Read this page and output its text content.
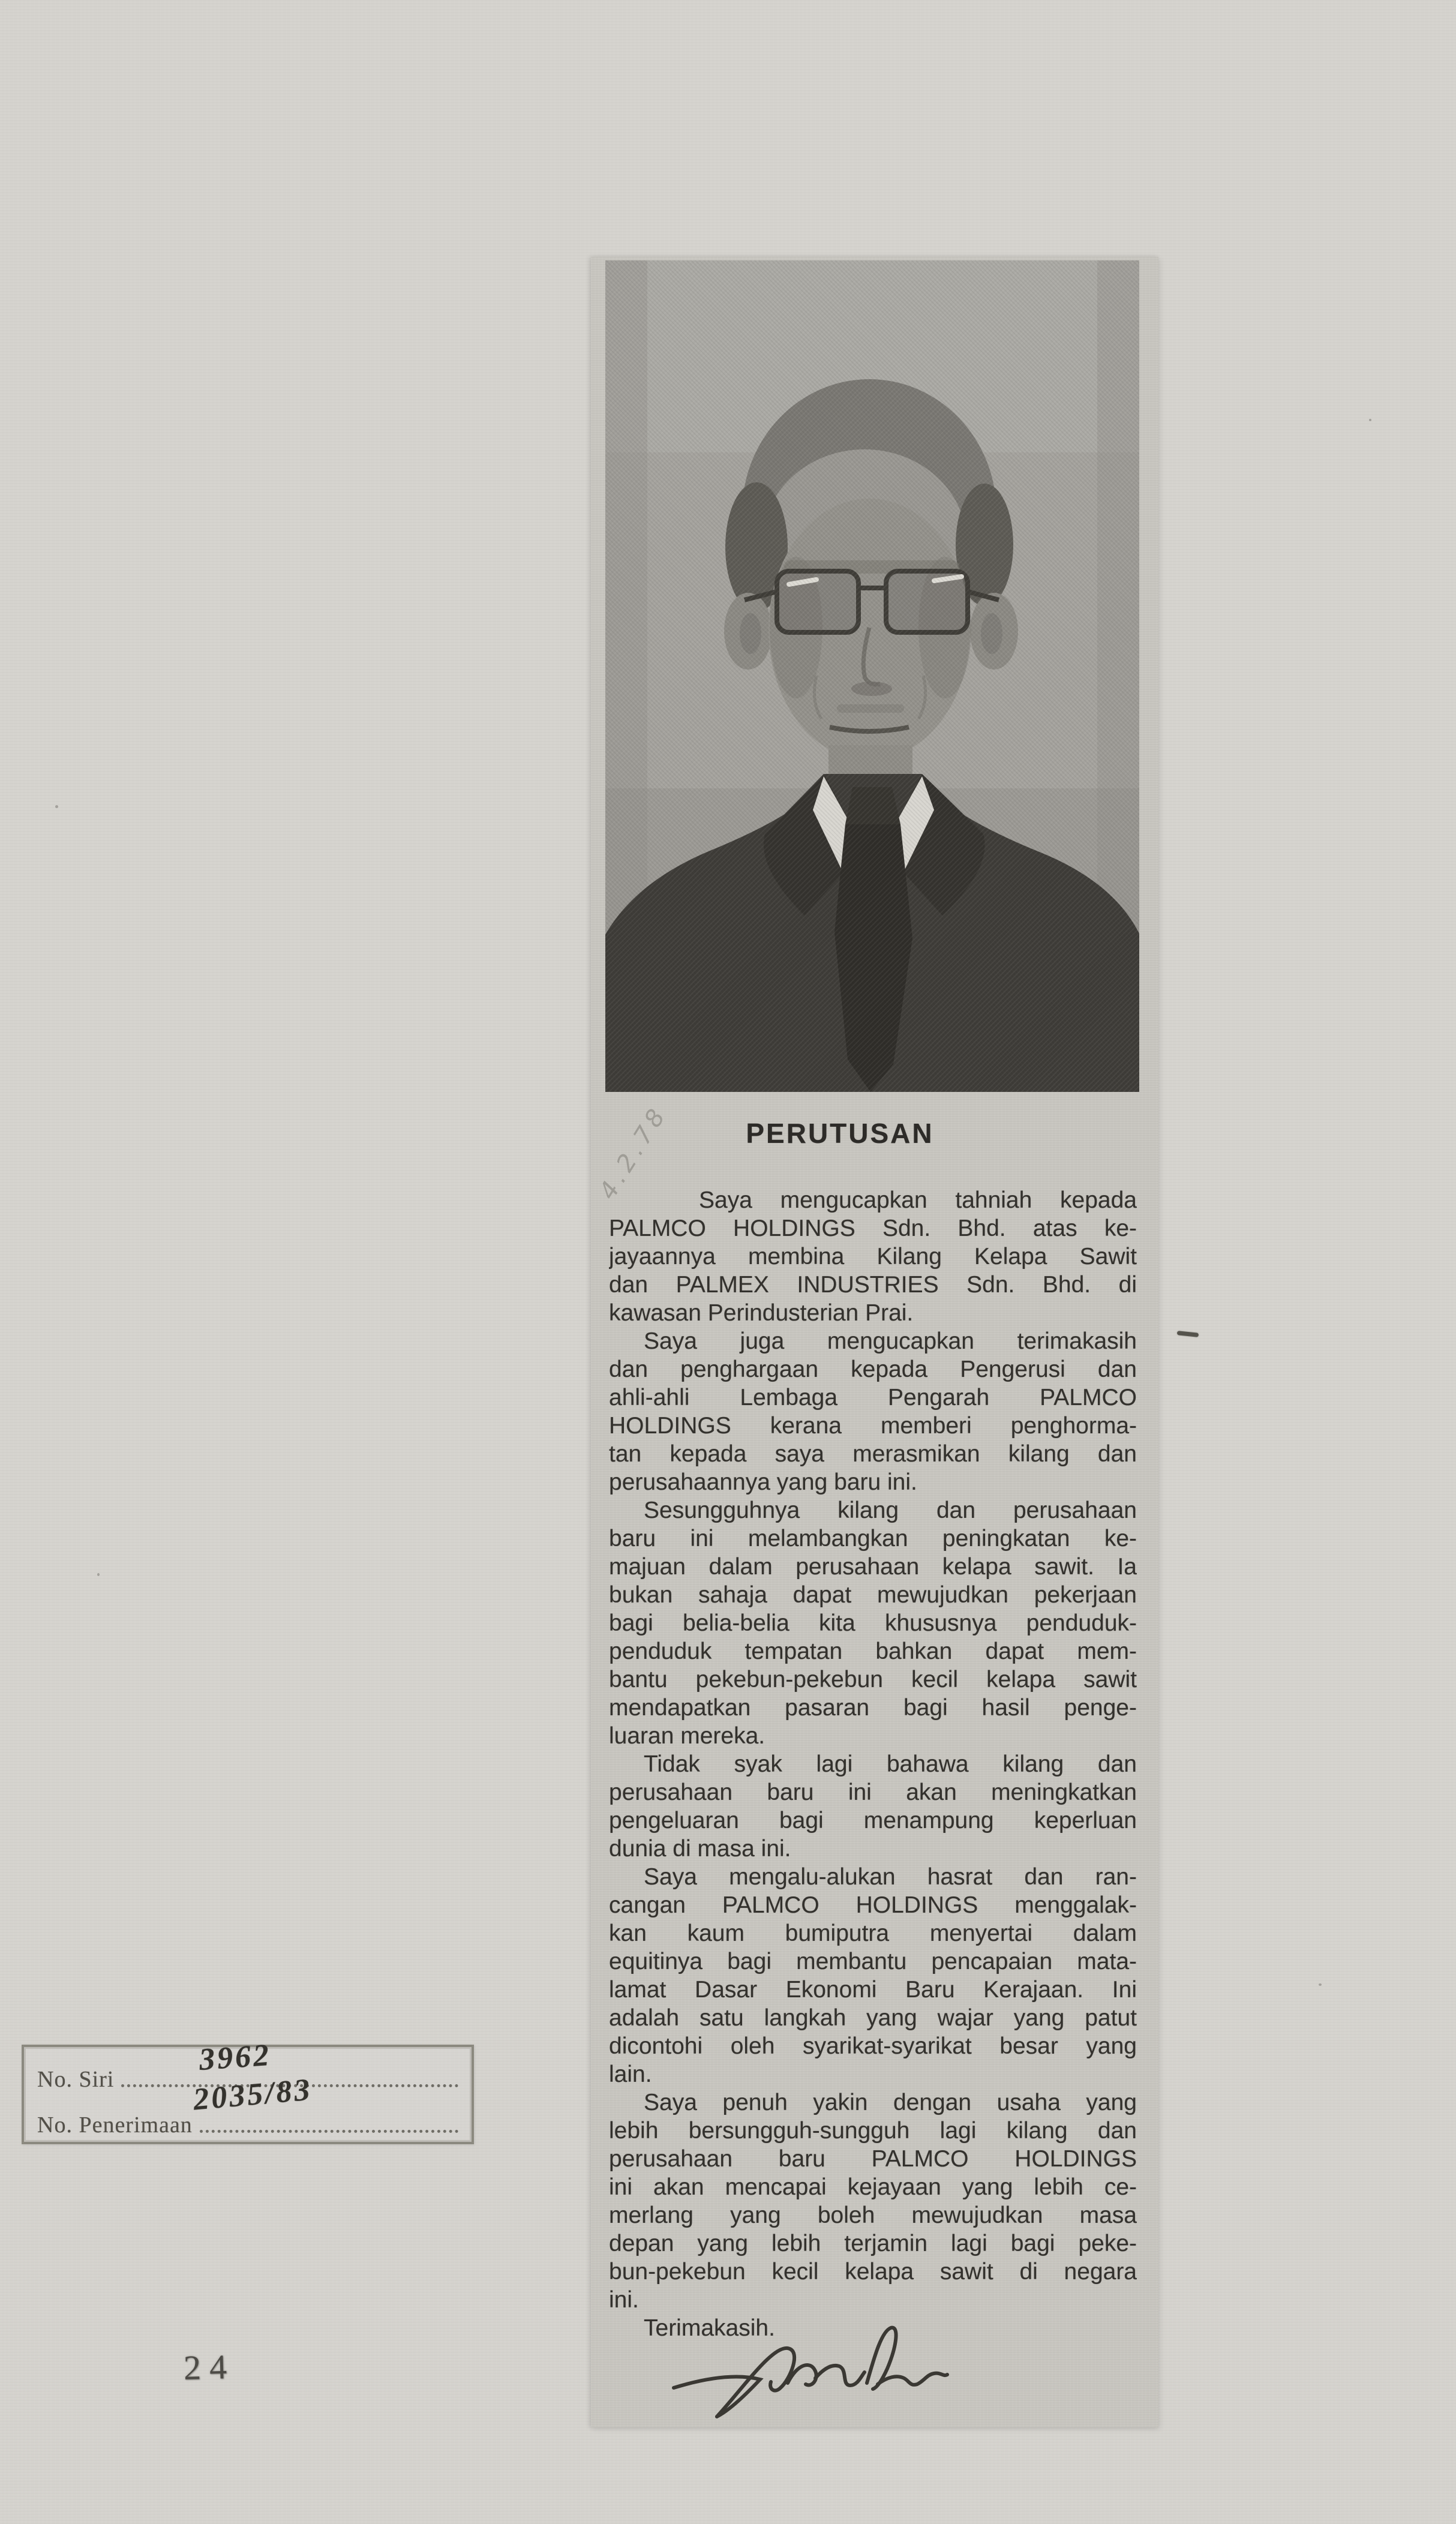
4.2.78	PERUTUSAN
Saya mengucapkan tahniah kepada
PALMCO HOLDINGS Sdn. Bhd. atas ke-
jayaannya membina Kilang Kelapa Sawit
dan PALMEX INDUSTRIES Sdn. Bhd. di
kawasan Perindusterian Prai.
Saya juga mengucapkan terimakasih
dan penghargaan kepada Pengerusi dan
ahli-ahli Lembaga Pengarah PALMCO
HOLDINGS kerana memberi penghorma-
tan kepada saya merasmikan kilang dan
perusahaannya yang baru ini.
Sesungguhnya kilang dan perusahaan
baru ini melambangkan peningkatan ke-
majuan dalam perusahaan kelapa sawit. Ia
bukan sahaja dapat mewujudkan pekerjaan
bagi belia-belia kita khususnya penduduk-
penduduk tempatan bahkan dapat mem-
bantu pekebun-pekebun kecil kelapa sawit
mendapatkan pasaran bagi hasil penge-
luaran mereka.
Tidak syak lagi bahawa kilang dan
perusahaan baru ini akan meningkatkan
pengeluaran bagi menampung keperluan
dunia di masa ini.
Saya mengalu-alukan hasrat dan ran-
cangan PALMCO HOLDINGS menggalak-
kan kaum bumiputra menyertai dalam
equitinya bagi membantu pencapaian mata-
lamat Dasar Ekonomi Baru Kerajaan. Ini
adalah satu langkah yang wajar yang patut
dicontohi oleh syarikat-syarikat besar yang
lain.
Saya penuh yakin dengan usaha yang
lebih bersungguh-sungguh lagi kilang dan
perusahaan baru PALMCO HOLDINGS
ini akan mencapai kejayaan yang lebih ce-
merlang yang boleh mewujudkan masa
depan yang lebih terjamin lagi bagi peke-
bun-pekebun kecil kelapa sawit di negara
ini.
Terimakasih.
No. Siri
No. Penerimaan
3962
2035/83
24
